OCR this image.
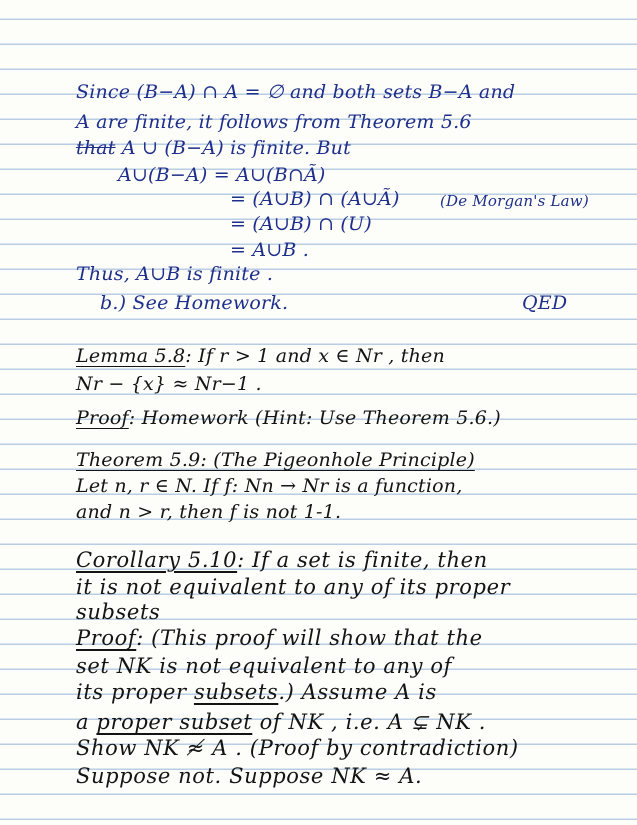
Since (B−A) ∩ A = ∅ and both sets B−A and
A are finite, it follows from Theorem 5.6
that A ∪ (B−A) is finite. But
A∪(B−A) = A∪(B∩Ã)
= (A∪B) ∩ (A∪Ã)	(De Morgan's Law)
= (A∪B) ∩ (U)
= A∪B .
Thus, A∪B is finite .
b.) See Homework.	QED
Lemma 5.8: If r > 1 and x ∈ Nr , then
Nr − {x} ≈ Nr−1 .
Proof: Homework (Hint: Use Theorem 5.6.)
Theorem 5.9: (The Pigeonhole Principle)
Let n, r ∈ N. If f: Nn → Nr is a function,
and n > r, then f is not 1-1.
Corollary 5.10: If a set is finite, then
it is not equivalent to any of its proper
subsets
Proof: (This proof will show that the
set NK is not equivalent to any of
its proper subsets.) Assume A is
a proper subset of NK , i.e. A ⊊ NK .
Show NK ≉ A . (Proof by contradiction)
Suppose not. Suppose NK ≈ A.
